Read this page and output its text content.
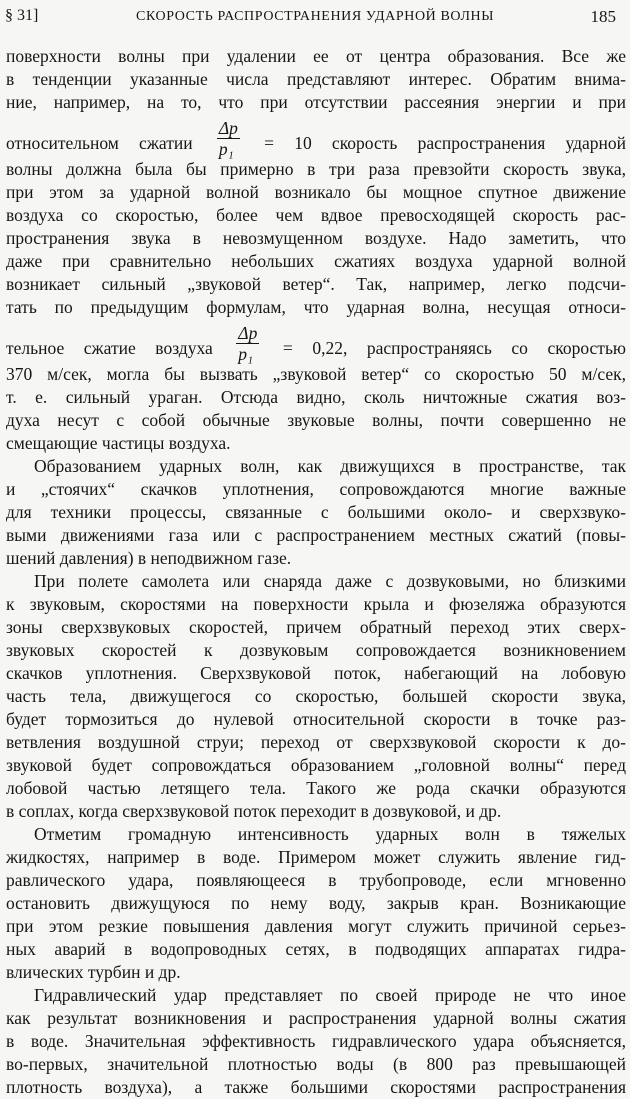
§ 31]	СКОРОСТЬ РАСПРОСТРАНЕНИЯ УДАРНОЙ ВОЛНЫ	185
поверхности волны при удалении ее от центра образования. Все же
в тенденции указанные числа представляют интерес. Обратим внима-
ние, например, на то, что при отсутствии рассеяния энергии и при
относительном сжатии $\frac{\Delta p}{\text{p₁}} = 10$ скорость распространения ударной
волны должна была бы примерно в три раза превзойти скорость звука,
при этом за ударной волной возникало бы мощное спутное движение
воздуха со скоростью, более чем вдвое превосходящей скорость рас-
пространения звука в невозмущенном воздухе. Надо заметить, что
даже при сравнительно небольших сжатиях воздуха ударной волной
возникает сильный „звуковой ветер“. Так, например, легко подсчи-
тать по предыдущим формулам, что ударная волна, несущая относи-
тельное сжатие воздуха $\frac{\Delta p}{\text{p₁}} = 0,22$, распространяясь со скоростью
370 м/сек, могла бы вызвать „звуковой ветер“ со скоростью 50 м/сек,
т. е. сильный ураган. Отсюда видно, сколь ничтожные сжатия воз-
духа несут с собой обычные звуковые волны, почти совершенно не
смещающие частицы воздуха.
Образованием ударных волн, как движущихся в пространстве, так
и „стоячих“ скачков уплотнения, сопровождаются многие важные
для техники процессы, связанные с большими около- и сверхзвуко-
выми движениями газа или с распространением местных сжатий (повы-
шений давления) в неподвижном газе.
При полете самолета или снаряда даже с дозвуковыми, но близкими
к звуковым, скоростями на поверхности крыла и фюзеляжа образуются
зоны сверхзвуковых скоростей, причем обратный переход этих сверх-
звуковых скоростей к дозвуковым сопровождается возникновением
скачков уплотнения. Сверхзвуковой поток, набегающий на лобовую
часть тела, движущегося со скоростью, большей скорости звука,
будет тормозиться до нулевой относительной скорости в точке раз-
ветвления воздушной струи; переход от сверхзвуковой скорости к до-
звуковой будет сопровождаться образованием „головной волны“ перед
лобовой частью летящего тела. Такого же рода скачки образуются
в соплах, когда сверхзвуковой поток переходит в дозвуковой, и др.
Отметим громадную интенсивность ударных волн в тяжелых
жидкостях, например в воде. Примером может служить явление гид-
равлического удара, появляющееся в трубопроводе, если мгновенно
остановить движущуюся по нему воду, закрыв кран. Возникающие
при этом резкие повышения давления могут служить причиной серьез-
ных аварий в водопроводных сетях, в подводящих аппаратах гидра-
влических турбин и др.
Гидравлический удар представляет по своей природе не что иное
как результат возникновения и распространения ударной волны сжатия
в воде. Значительная эффективность гидравлического удара объясняется,
во-первых, значительной плотностью воды (в 800 раз превышающей
плотность воздуха), а также большими скоростями распространения
